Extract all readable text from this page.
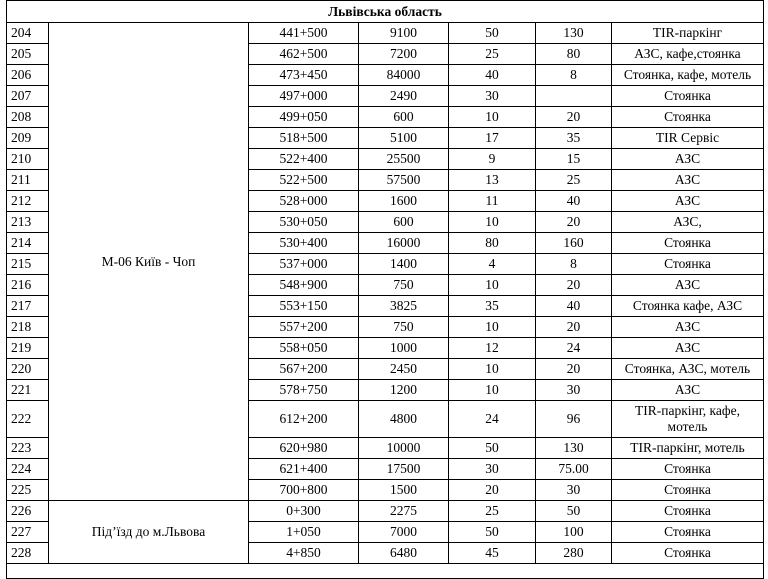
Львівська область						
204	М-06 Київ - Чоп	441+500	9100	50	130	TIR-паркінг
205		462+500	7200	25	80	АЗС, кафе,стоянка
206		473+450	84000	40	8	Стоянка, кафе, мотель
207		497+000	2490	30		Стоянка
208		499+050	600	10	20	Стоянка
209		518+500	5100	17	35	TIR Сервіс
210		522+400	25500	9	15	АЗС
211		522+500	57500	13	25	АЗС
212		528+000	1600	11	40	АЗС
213		530+050	600	10	20	АЗС,
214		530+400	16000	80	160	Стоянка
215		537+000	1400	4	8	Стоянка
216		548+900	750	10	20	АЗС
217		553+150	3825	35	40	Стоянка кафе, АЗС
218		557+200	750	10	20	АЗС
219		558+050	1000	12	24	АЗС
220		567+200	2450	10	20	Стоянка, АЗС, мотель
221		578+750	1200	10	30	АЗС
222		612+200	4800	24	96	TIR-паркінг, кафе, мотель
223		620+980	10000	50	130	TIR-паркінг, мотель
224		621+400	17500	30	75.00	Стоянка
225		700+800	1500	20	30	Стоянка
226	Під’їзд до м.Львова	0+300	2275	25	50	Стоянка
227		1+050	7000	50	100	Стоянка
228		4+850	6480	45	280	Стоянка
